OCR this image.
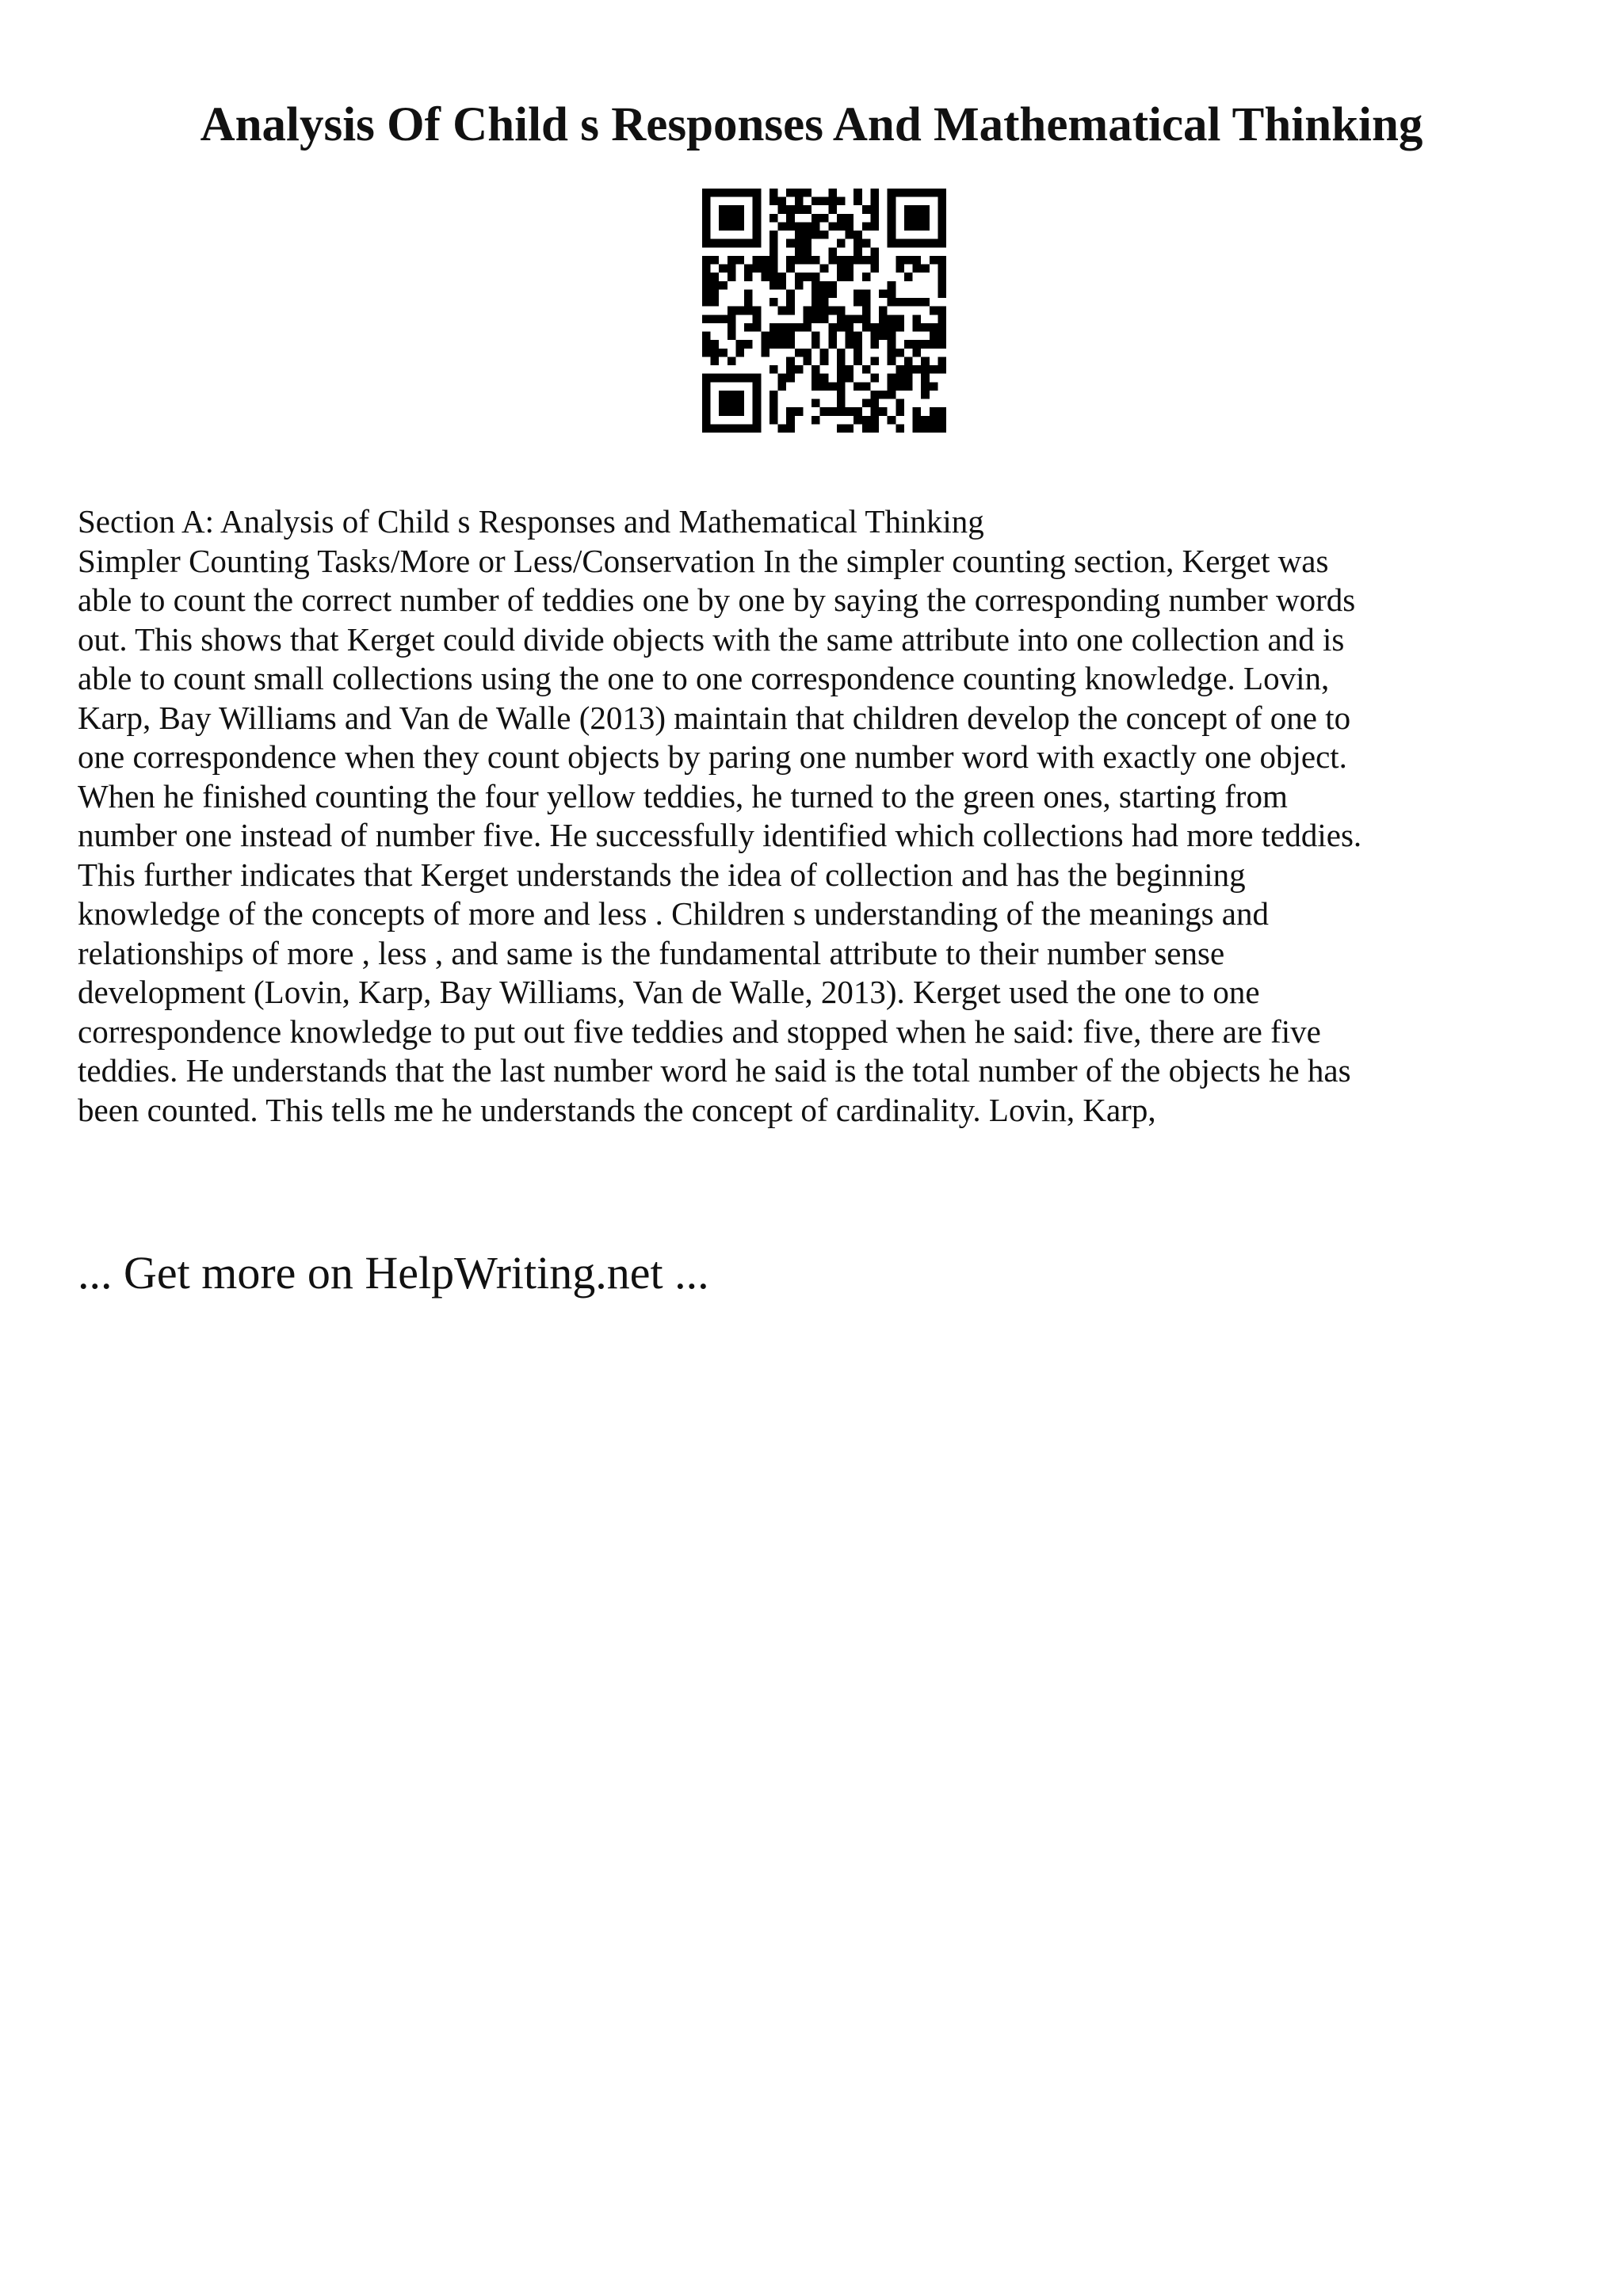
Analysis Of Child s Responses And Mathematical Thinking
Section A: Analysis of Child s Responses and Mathematical Thinking
Simpler Counting Tasks/More or Less/Conservation In the simpler counting section, Kerget was
able to count the correct number of teddies one by one by saying the corresponding number words
out. This shows that Kerget could divide objects with the same attribute into one collection and is
able to count small collections using the one to one correspondence counting knowledge. Lovin,
Karp, Bay Williams and Van de Walle (2013) maintain that children develop the concept of one to
one correspondence when they count objects by paring one number word with exactly one object.
When he finished counting the four yellow teddies, he turned to the green ones, starting from
number one instead of number five. He successfully identified which collections had more teddies.
This further indicates that Kerget understands the idea of collection and has the beginning
knowledge of the concepts of more and less . Children s understanding of the meanings and
relationships of more , less , and same is the fundamental attribute to their number sense
development (Lovin, Karp, Bay Williams, Van de Walle, 2013). Kerget used the one to one
correspondence knowledge to put out five teddies and stopped when he said: five, there are five
teddies. He understands that the last number word he said is the total number of the objects he has
been counted. This tells me he understands the concept of cardinality. Lovin, Karp,
... Get more on HelpWriting.net ...
